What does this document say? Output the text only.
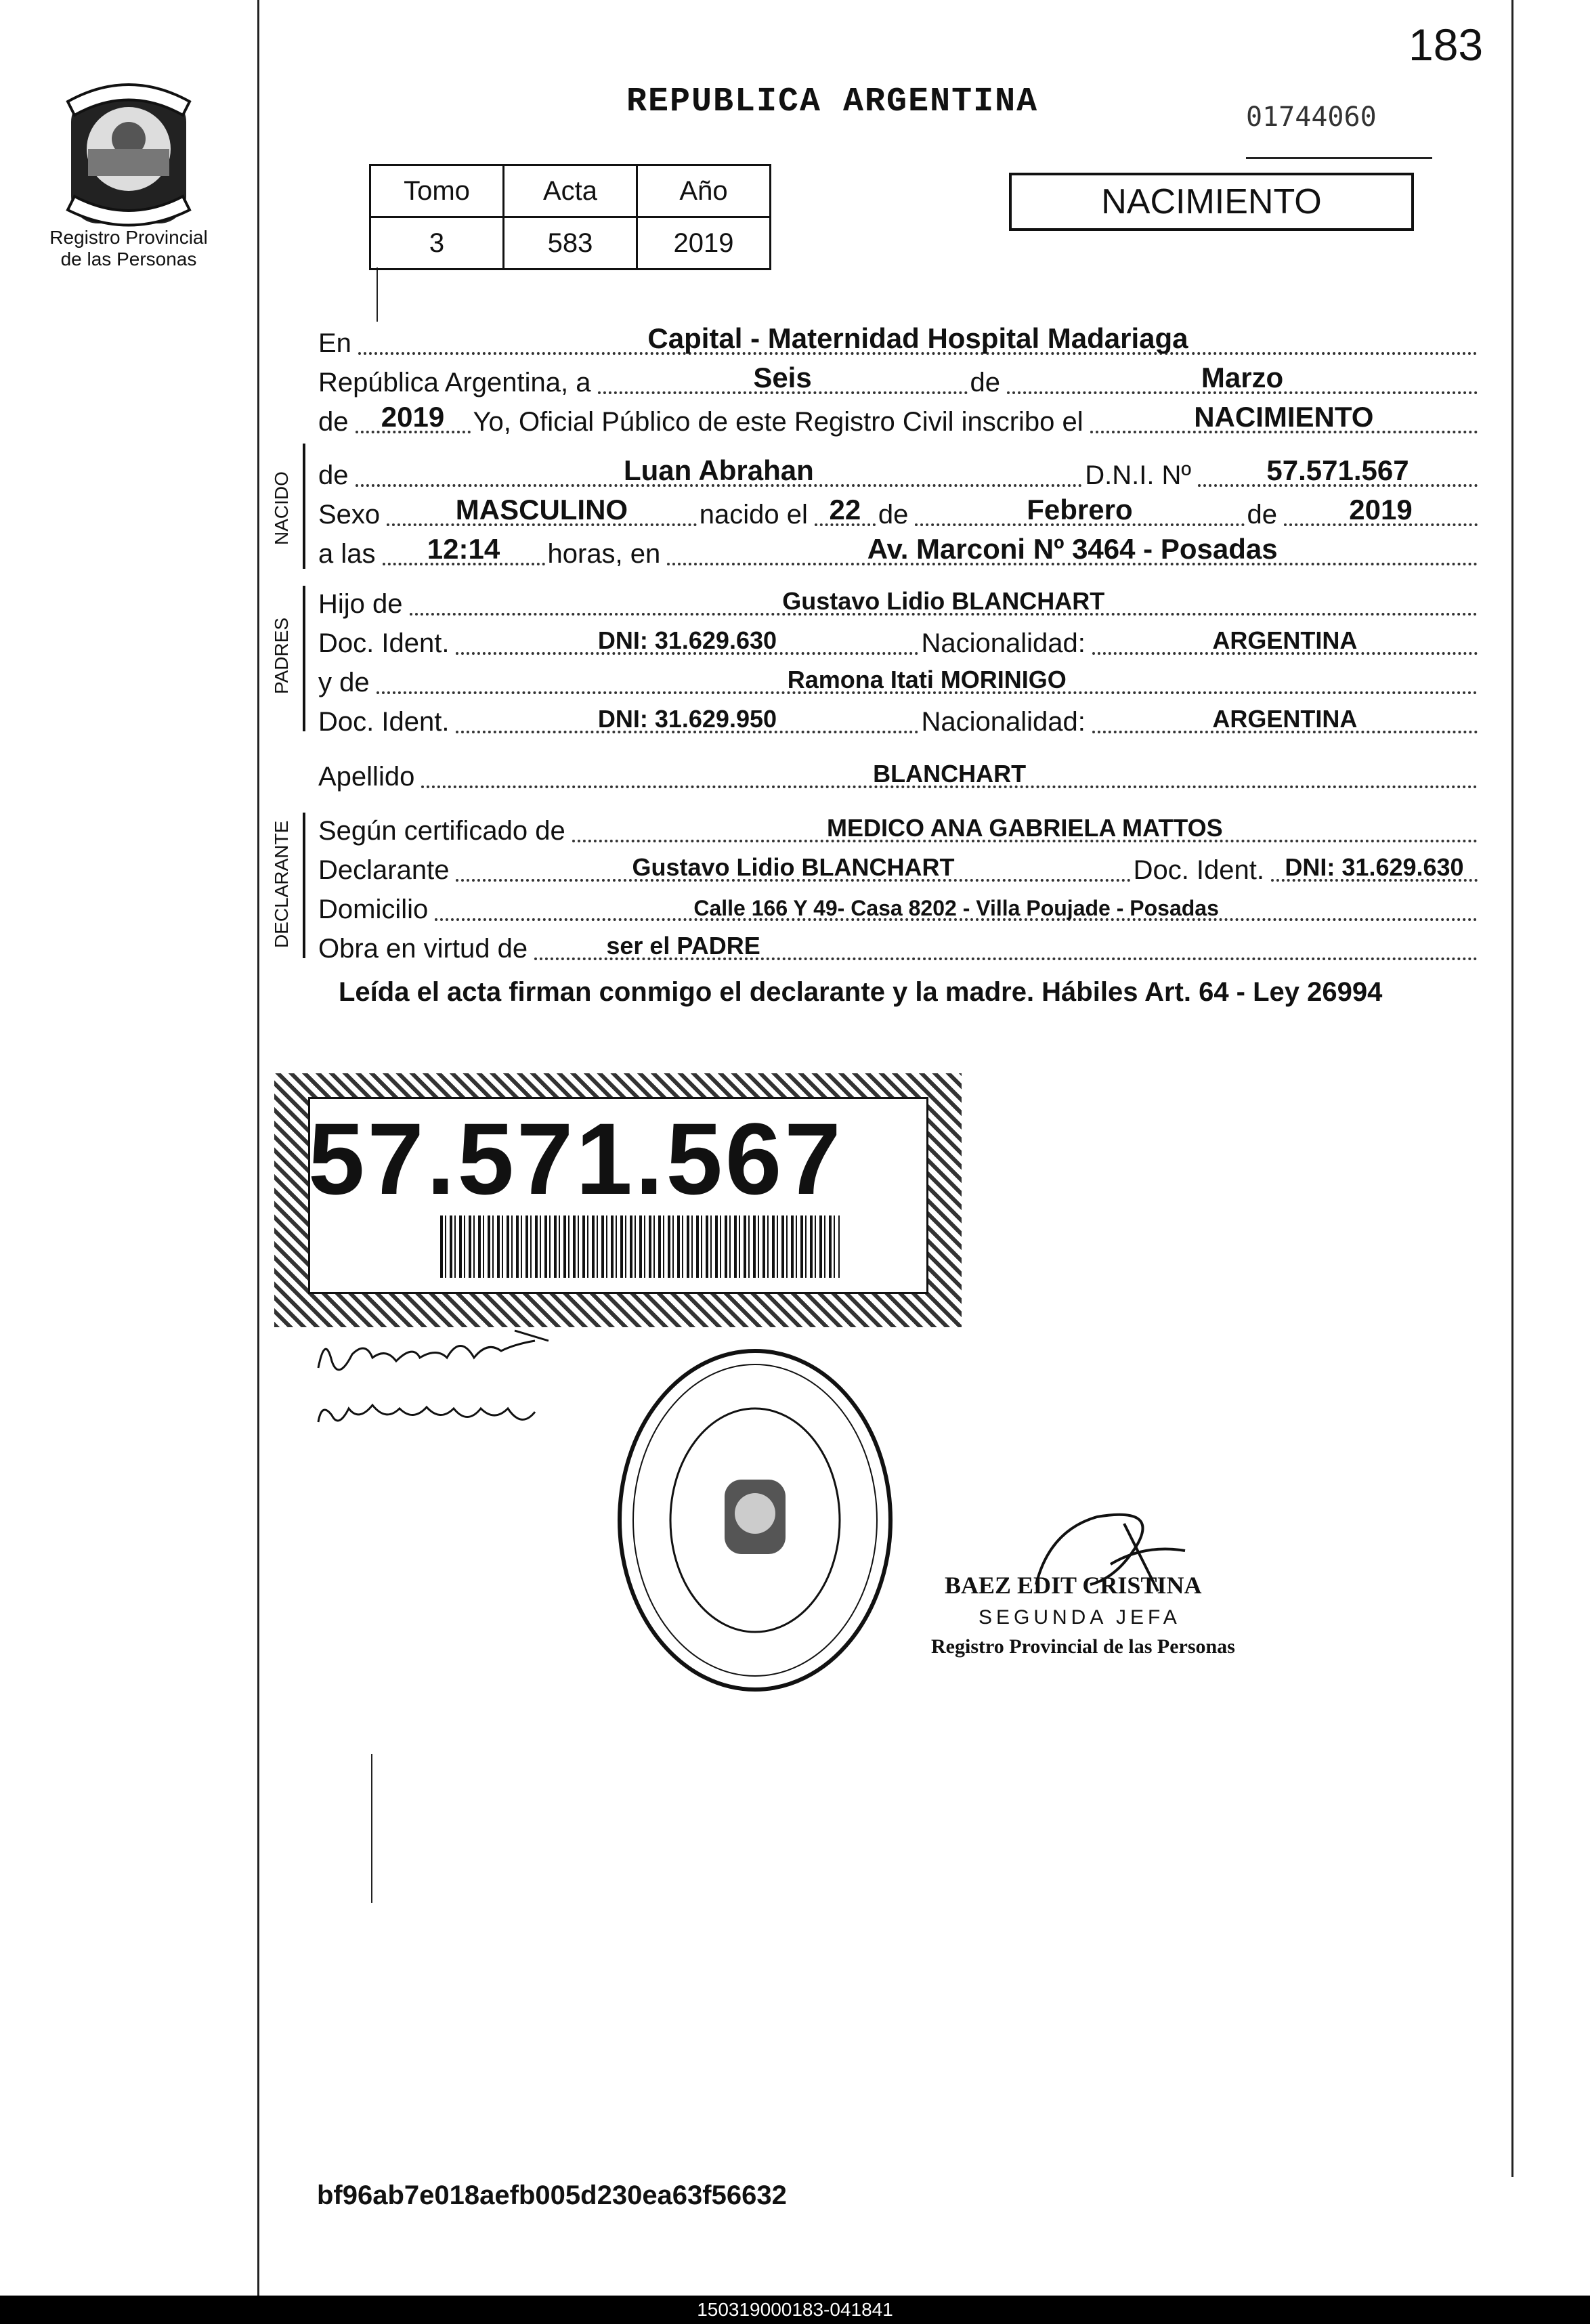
183
REPUBLICA ARGENTINA	01744060
Registro Provincial
de las Personas
Tomo	Acta	Año
3	583	2019
NACIMIENTO
En	Capital - Maternidad Hospital Madariaga
República Argentina, a	Seis	de	Marzo
de	2019	Yo, Oficial Público de este Registro Civil inscribo el	NACIMIENTO
NACIDO de	Luan Abrahan	D.N.I. Nº	57.571.567
Sexo	MASCULINO	nacido el 22 de	Febrero	de	2019
a las	12:14	horas, en	Av. Marconi Nº 3464 - Posadas
PADRES
Hijo de	Gustavo Lidio BLANCHART
Doc. Ident.	DNI: 31.629.630	Nacionalidad:	ARGENTINA
y de	Ramona Itati MORINIGO
Doc. Ident.	DNI: 31.629.950	Nacionalidad:	ARGENTINA
Apellido	BLANCHART
DECLARANTE Según certificado de	MEDICO ANA GABRIELA MATTOS
Declarante	Gustavo Lidio BLANCHART	Doc. Ident. DNI: 31.629.630
Domicilio	Calle 166 Y 49- Casa 8202 - Villa Poujade - Posadas
Obra en virtud de	ser el PADRE
Leída el acta firman conmigo el declarante y la madre. Hábiles Art. 64 - Ley 26994
57.571.567
BAEZ EDIT CRISTINA
SEGUNDA JEFA
Registro Provincial de las Personas
bf96ab7e018aefb005d230ea63f56632
150319000183-041841
